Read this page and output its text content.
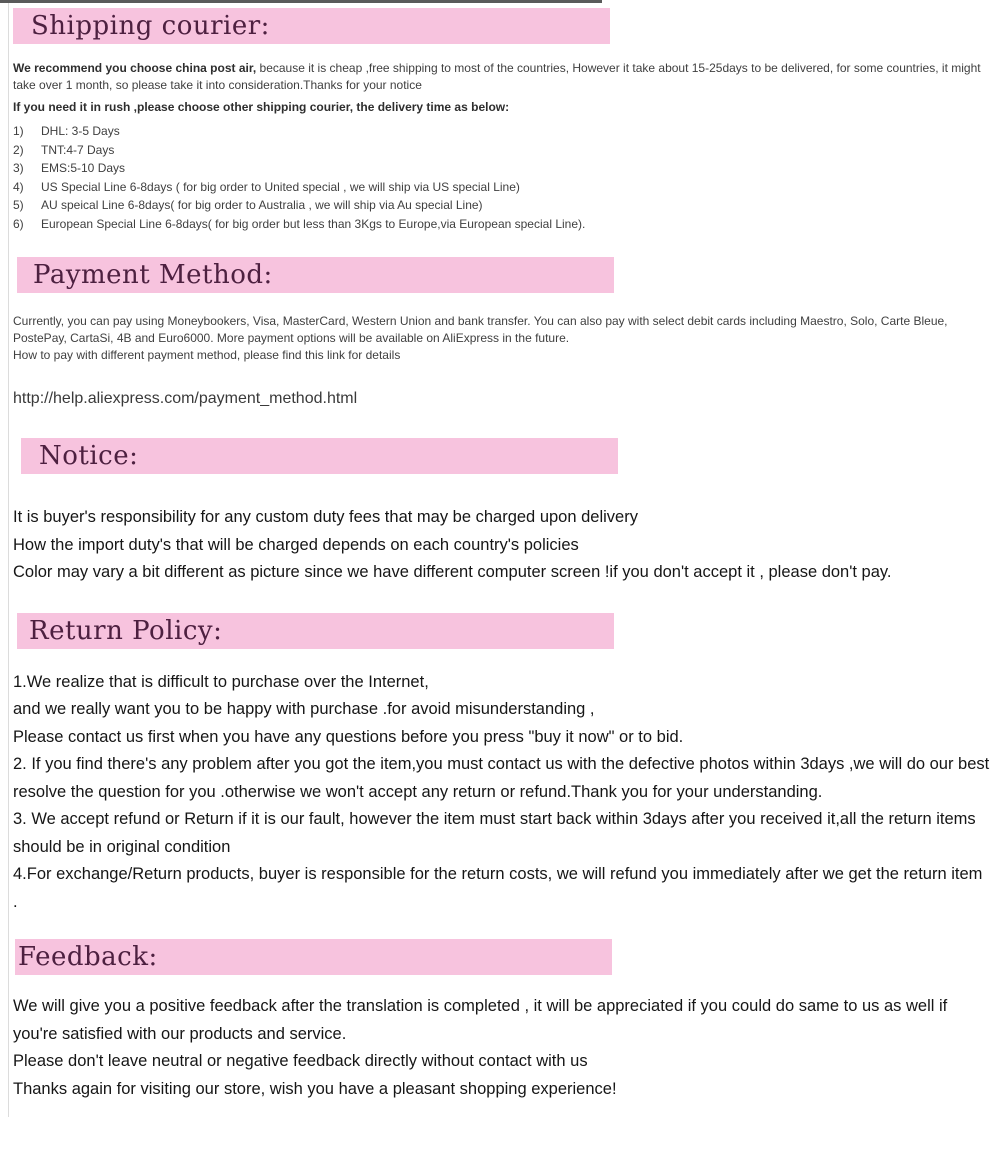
Shipping courier:

We recommend you choose china post air, because it is cheap ,free shipping to most of the countries, However it take about 15-25days to be delivered, for some countries, it might take over 1 month, so please take it into consideration.Thanks for your notice

If you need it in rush ,please choose other shipping courier, the delivery time as below:

1)	DHL: 3-5 Days
2)	TNT:4-7 Days
3)	EMS:5-10 Days
4)	US Special Line 6-8days ( for big order to United special , we will ship via US special Line)
5)	AU speical Line 6-8days( for big order to Australia , we will ship via Au special Line)
6)	European Special Line 6-8days( for big order but less than 3Kgs to Europe,via European special Line).
Payment Method:
Currently, you can pay using Moneybookers, Visa, MasterCard, Western Union and bank transfer. You can also pay with select debit cards including Maestro, Solo, Carte Bleue, PostePay, CartaSi, 4B and Euro6000. More payment options will be available on AliExpress in the future.
How to pay with different payment method, please find this link for details
http://help.aliexpress.com/payment_method.html
Notice:
It is buyer's responsibility for any custom duty fees that may be charged upon delivery
How the import duty's that will be charged depends on each country's policies
Color may vary a bit different as picture since we have different computer screen !if you don't accept it , please don't pay.
Return Policy:
1.We realize that is difficult to purchase over the Internet,
and we really want you to be happy with purchase .for avoid misunderstanding ,
Please contact us first when you have any questions before you press "buy it now" or to bid.
2. If you find there's any problem after you got the item,you must contact us with the defective photos within 3days ,we will do our best resolve the question for you .otherwise we won't accept any return or refund.Thank you for your understanding.
3. We accept refund or Return if it is our fault, however the item must start back within 3days after you received it,all the return items should be in original condition
4.For exchange/Return products, buyer is responsible for the return costs, we will refund you immediately after we get the return item .
Feedback:
We will give you a positive feedback after the translation is completed , it will be appreciated if you could do same to us as well if you're satisfied with our products and service.
Please don't leave neutral or negative feedback directly without contact with us
Thanks again for visiting our store, wish you have a pleasant shopping experience!
